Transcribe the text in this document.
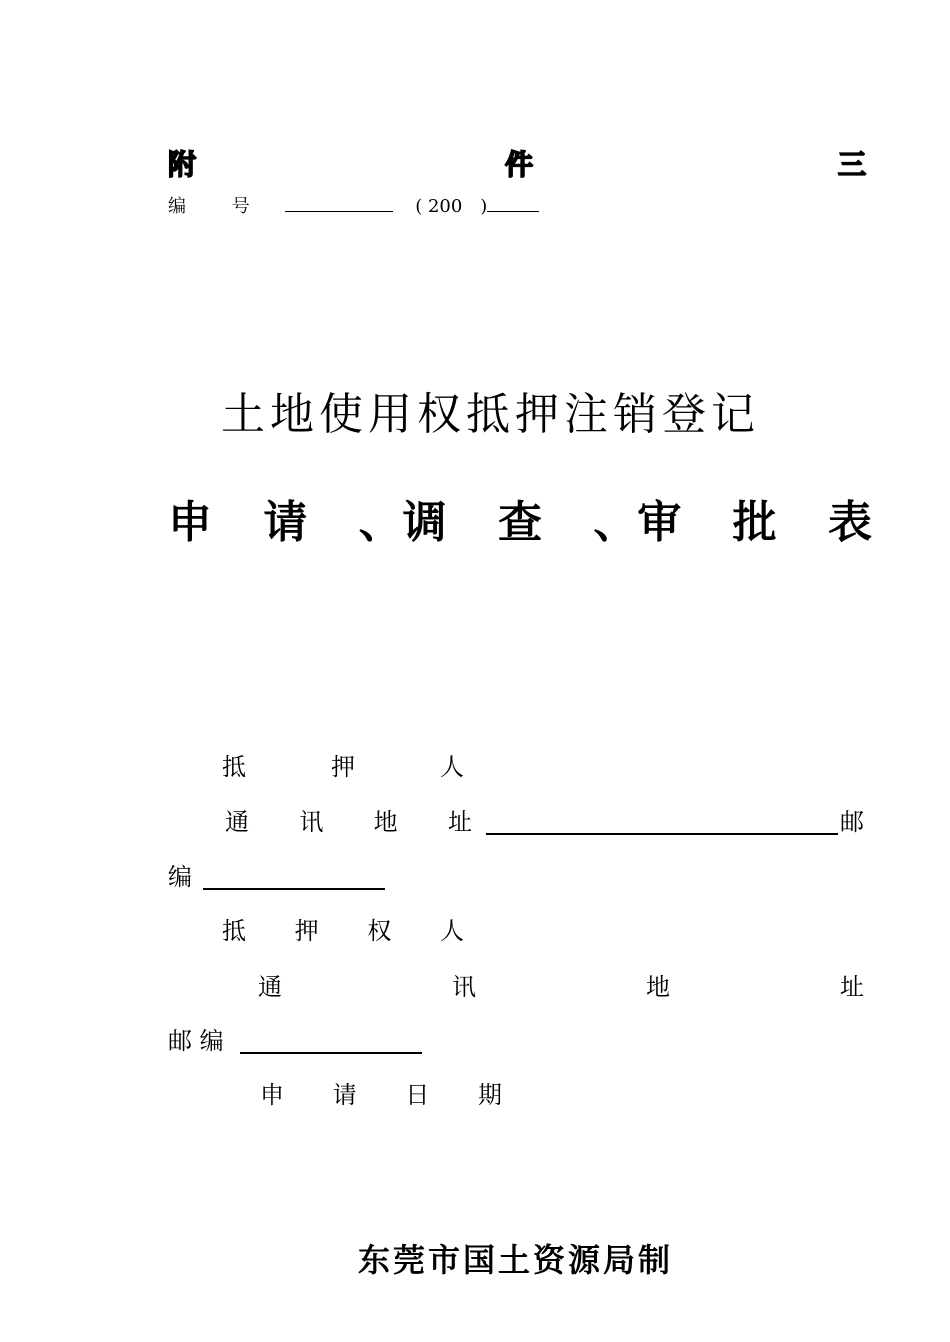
附	件	三
编 号	( 200　)
土地使用权抵押注销登记
申 请 、调 查 、审 批 表
抵	押	人
通 讯 地 址	邮
编
抵 押 权 人
通	讯	地	址
邮 编
申 请 日 期
东莞市国土资源局制
